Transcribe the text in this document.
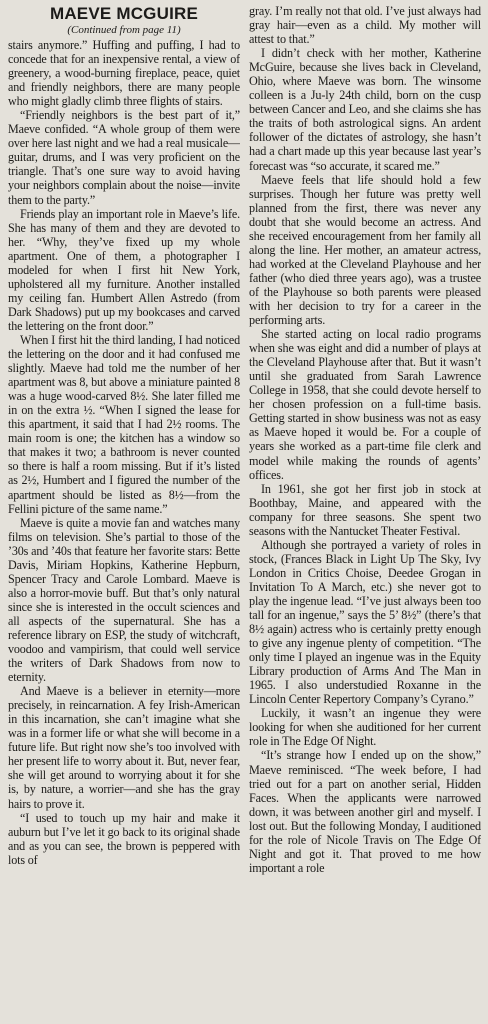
MAEVE MCGUIRE
(Continued from page 11)

stairs anymore.” Huffing and puffing, I had to concede that for an inexpensive rental, a view of greenery, a wood-burning fireplace, peace, quiet and friendly neighbors, there are many people who might gladly climb three flights of stairs.

“Friendly neighbors is the best part of it,” Maeve confided. “A whole group of them were over here last night and we had a real musicale—guitar, drums, and I was very proficient on the triangle. That’s one sure way to avoid having your neighbors complain about the noise—invite them to the party.”

Friends play an important role in Maeve’s life. She has many of them and they are devoted to her. “Why, they’ve fixed up my whole apartment. One of them, a photographer I modeled for when I first hit New York, upholstered all my furniture. Another installed my ceiling fan. Humbert Allen Astredo (from Dark Shadows) put up my bookcases and carved the lettering on the front door.”

When I first hit the third landing, I had noticed the lettering on the door and it had confused me slightly. Maeve had told me the number of her apartment was 8, but above a miniature painted 8 was a huge wood-carved 8½. She later filled me in on the extra ½. “When I signed the lease for this apartment, it said that I had 2½ rooms. The main room is one; the kitchen has a window so that makes it two; a bathroom is never counted so there is half a room missing. But if it’s listed as 2½, Humbert and I figured the number of the apartment should be listed as 8½—from the Fellini picture of the same name.”

Maeve is quite a movie fan and watches many films on television. She’s partial to those of the ’30s and ’40s that feature her favorite stars: Bette Davis, Miriam Hopkins, Katherine Hepburn, Spencer Tracy and Carole Lombard. Maeve is also a horror-movie buff. But that’s only natural since she is interested in the occult sciences and all aspects of the supernatural. She has a reference library on ESP, the study of witchcraft, voodoo and vampirism, that could well service the writers of Dark Shadows from now to eternity.

And Maeve is a believer in eternity—more precisely, in reincarnation. A fey Irish-American in this incarnation, she can’t imagine what she was in a former life or what she will become in a future life. But right now she’s too involved with her present life to worry about it. But, never fear, she will get around to worrying about it for she is, by nature, a worrier—and she has the gray hairs to prove it.

“I used to touch up my hair and make it auburn but I’ve let it go back to its original shade and as you can see, the brown is peppered with lots of

gray. I’m really not that old. I’ve just always had gray hair—even as a child. My mother will attest to that.”

I didn’t check with her mother, Katherine McGuire, because she lives back in Cleveland, Ohio, where Maeve was born. The winsome colleen is a Ju-ly 24th child, born on the cusp between Cancer and Leo, and she claims she has the traits of both astrological signs. An ardent follower of the dictates of astrology, she hasn’t had a chart made up this year because last year’s forecast was “so accurate, it scared me.”

Maeve feels that life should hold a few surprises. Though her future was pretty well planned from the first, there was never any doubt that she would become an actress. And she received encouragement from her family all along the line. Her mother, an amateur actress, had worked at the Cleveland Playhouse and her father (who died three years ago), was a trustee of the Playhouse so both parents were pleased with her decision to try for a career in the performing arts.

She started acting on local radio programs when she was eight and did a number of plays at the Cleveland Playhouse after that. But it wasn’t until she graduated from Sarah Lawrence College in 1958, that she could devote herself to her chosen profession on a full-time basis. Getting started in show business was not as easy as Maeve hoped it would be. For a couple of years she worked as a part-time file clerk and model while making the rounds of agents’ offices.

In 1961, she got her first job in stock at Boothbay, Maine, and appeared with the company for three seasons. She spent two seasons with the Nantucket Theater Festival.

Although she portrayed a variety of roles in stock, (Frances Black in Light Up The Sky, Ivy London in Critics Choise, Deedee Grogan in Invitation To A March, etc.) she never got to play the ingenue lead. “I’ve just always been too tall for an ingenue,” says the 5’ 8½” (there’s that 8½ again) actress who is certainly pretty enough to give any ingenue plenty of competition. “The only time I played an ingenue was in the Equity Library production of Arms And The Man in 1965. I also understudied Roxanne in the Lincoln Center Repertory Company’s Cyrano.”

Luckily, it wasn’t an ingenue they were looking for when she auditioned for her current role in The Edge Of Night.

“It’s strange how I ended up on the show,” Maeve reminisced. “The week before, I had tried out for a part on another serial, Hidden Faces. When the applicants were narrowed down, it was between another girl and myself. I lost out. But the following Monday, I auditioned for the role of Nicole Travis on The Edge Of Night and got it. That proved to me how important a role
